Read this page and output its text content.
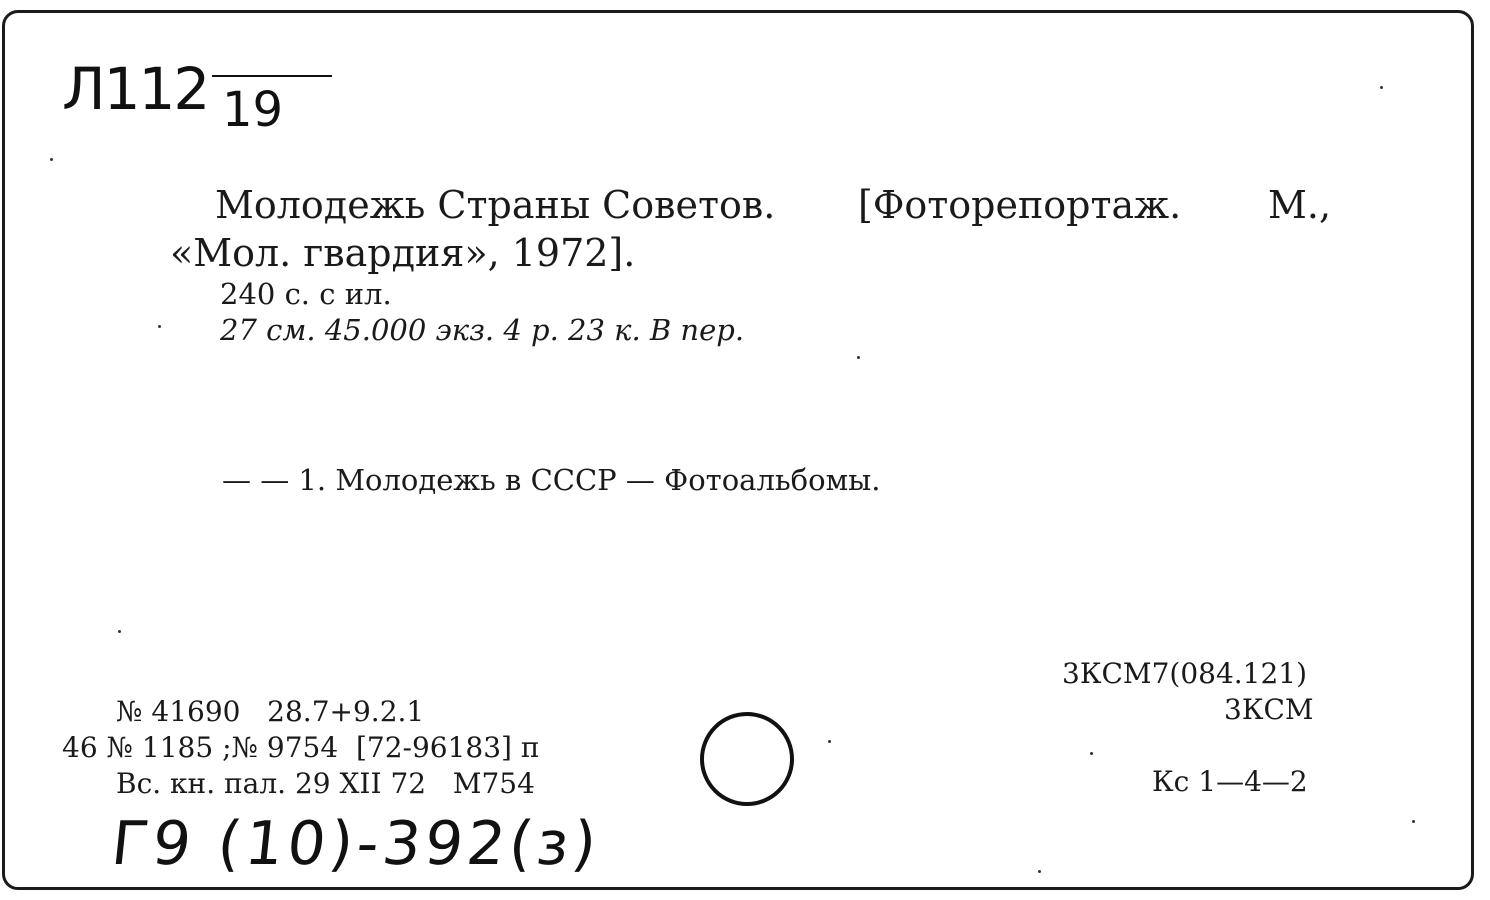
Л112 19
Молодежь Страны Советов. [Фоторепортаж. М.,
«Мол. гвардия», 1972].
240 с. с ил.
27 см. 45.000 экз. 4 р. 23 к. В пер.
— — 1. Молодежь в СССР — Фотоальбомы.
№ 41690   28.7+9.2.1
46 № 1185 ;№ 9754  [72-96183] п
Вс. кн. пал. 29 XII 72   М754
3КСМ7(084.121)
3КСМ
Кс 1—4—2
Г9 (10)-392(з)
